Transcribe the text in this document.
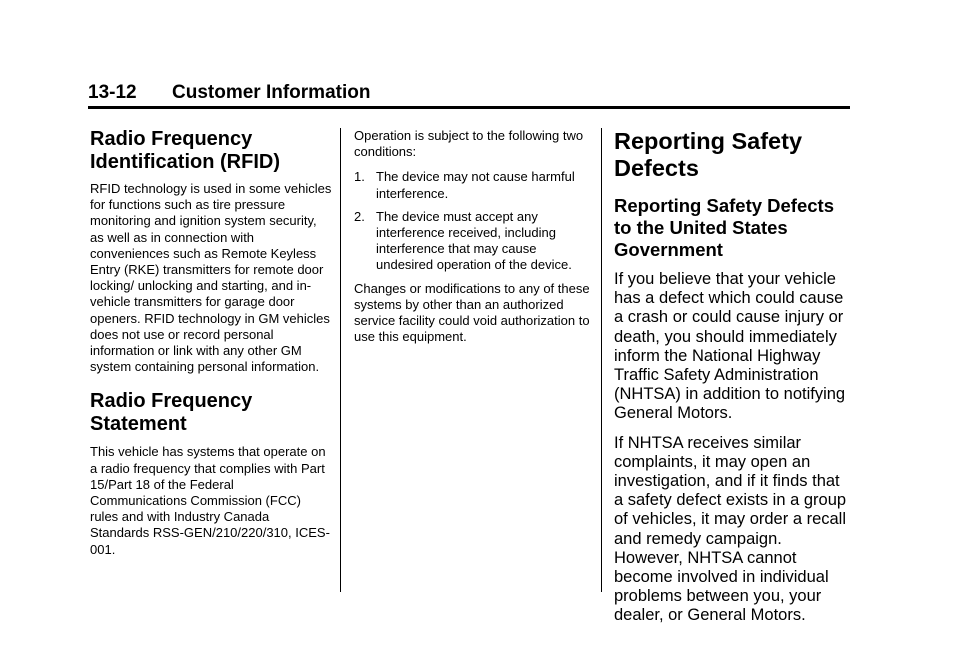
13-12 Customer Information
Radio Frequency Identification (RFID)

RFID technology is used in some vehicles for functions such as tire pressure monitoring and ignition system security, as well as in connection with conveniences such as Remote Keyless Entry (RKE) transmitters for remote door locking/ unlocking and starting, and in-vehicle transmitters for garage door openers. RFID technology in GM vehicles does not use or record personal information or link with any other GM system containing personal information.

Radio Frequency Statement

This vehicle has systems that operate on a radio frequency that complies with Part 15/Part 18 of the Federal Communications Commission (FCC) rules and with Industry Canada Standards RSS-GEN/210/220/310, ICES-001.

Operation is subject to the following two conditions:

1. The device may not cause harmful interference.
2. The device must accept any interference received, including interference that may cause undesired operation of the device.

Changes or modifications to any of these systems by other than an authorized service facility could void authorization to use this equipment.

Reporting Safety Defects
Reporting Safety Defects to the United States Government

If you believe that your vehicle has a defect which could cause a crash or could cause injury or death, you should immediately inform the National Highway Traffic Safety Administration (NHTSA) in addition to notifying General Motors.

If NHTSA receives similar complaints, it may open an investigation, and if it finds that a safety defect exists in a group of vehicles, it may order a recall and remedy campaign. However, NHTSA cannot become involved in individual problems between you, your dealer, or General Motors.
